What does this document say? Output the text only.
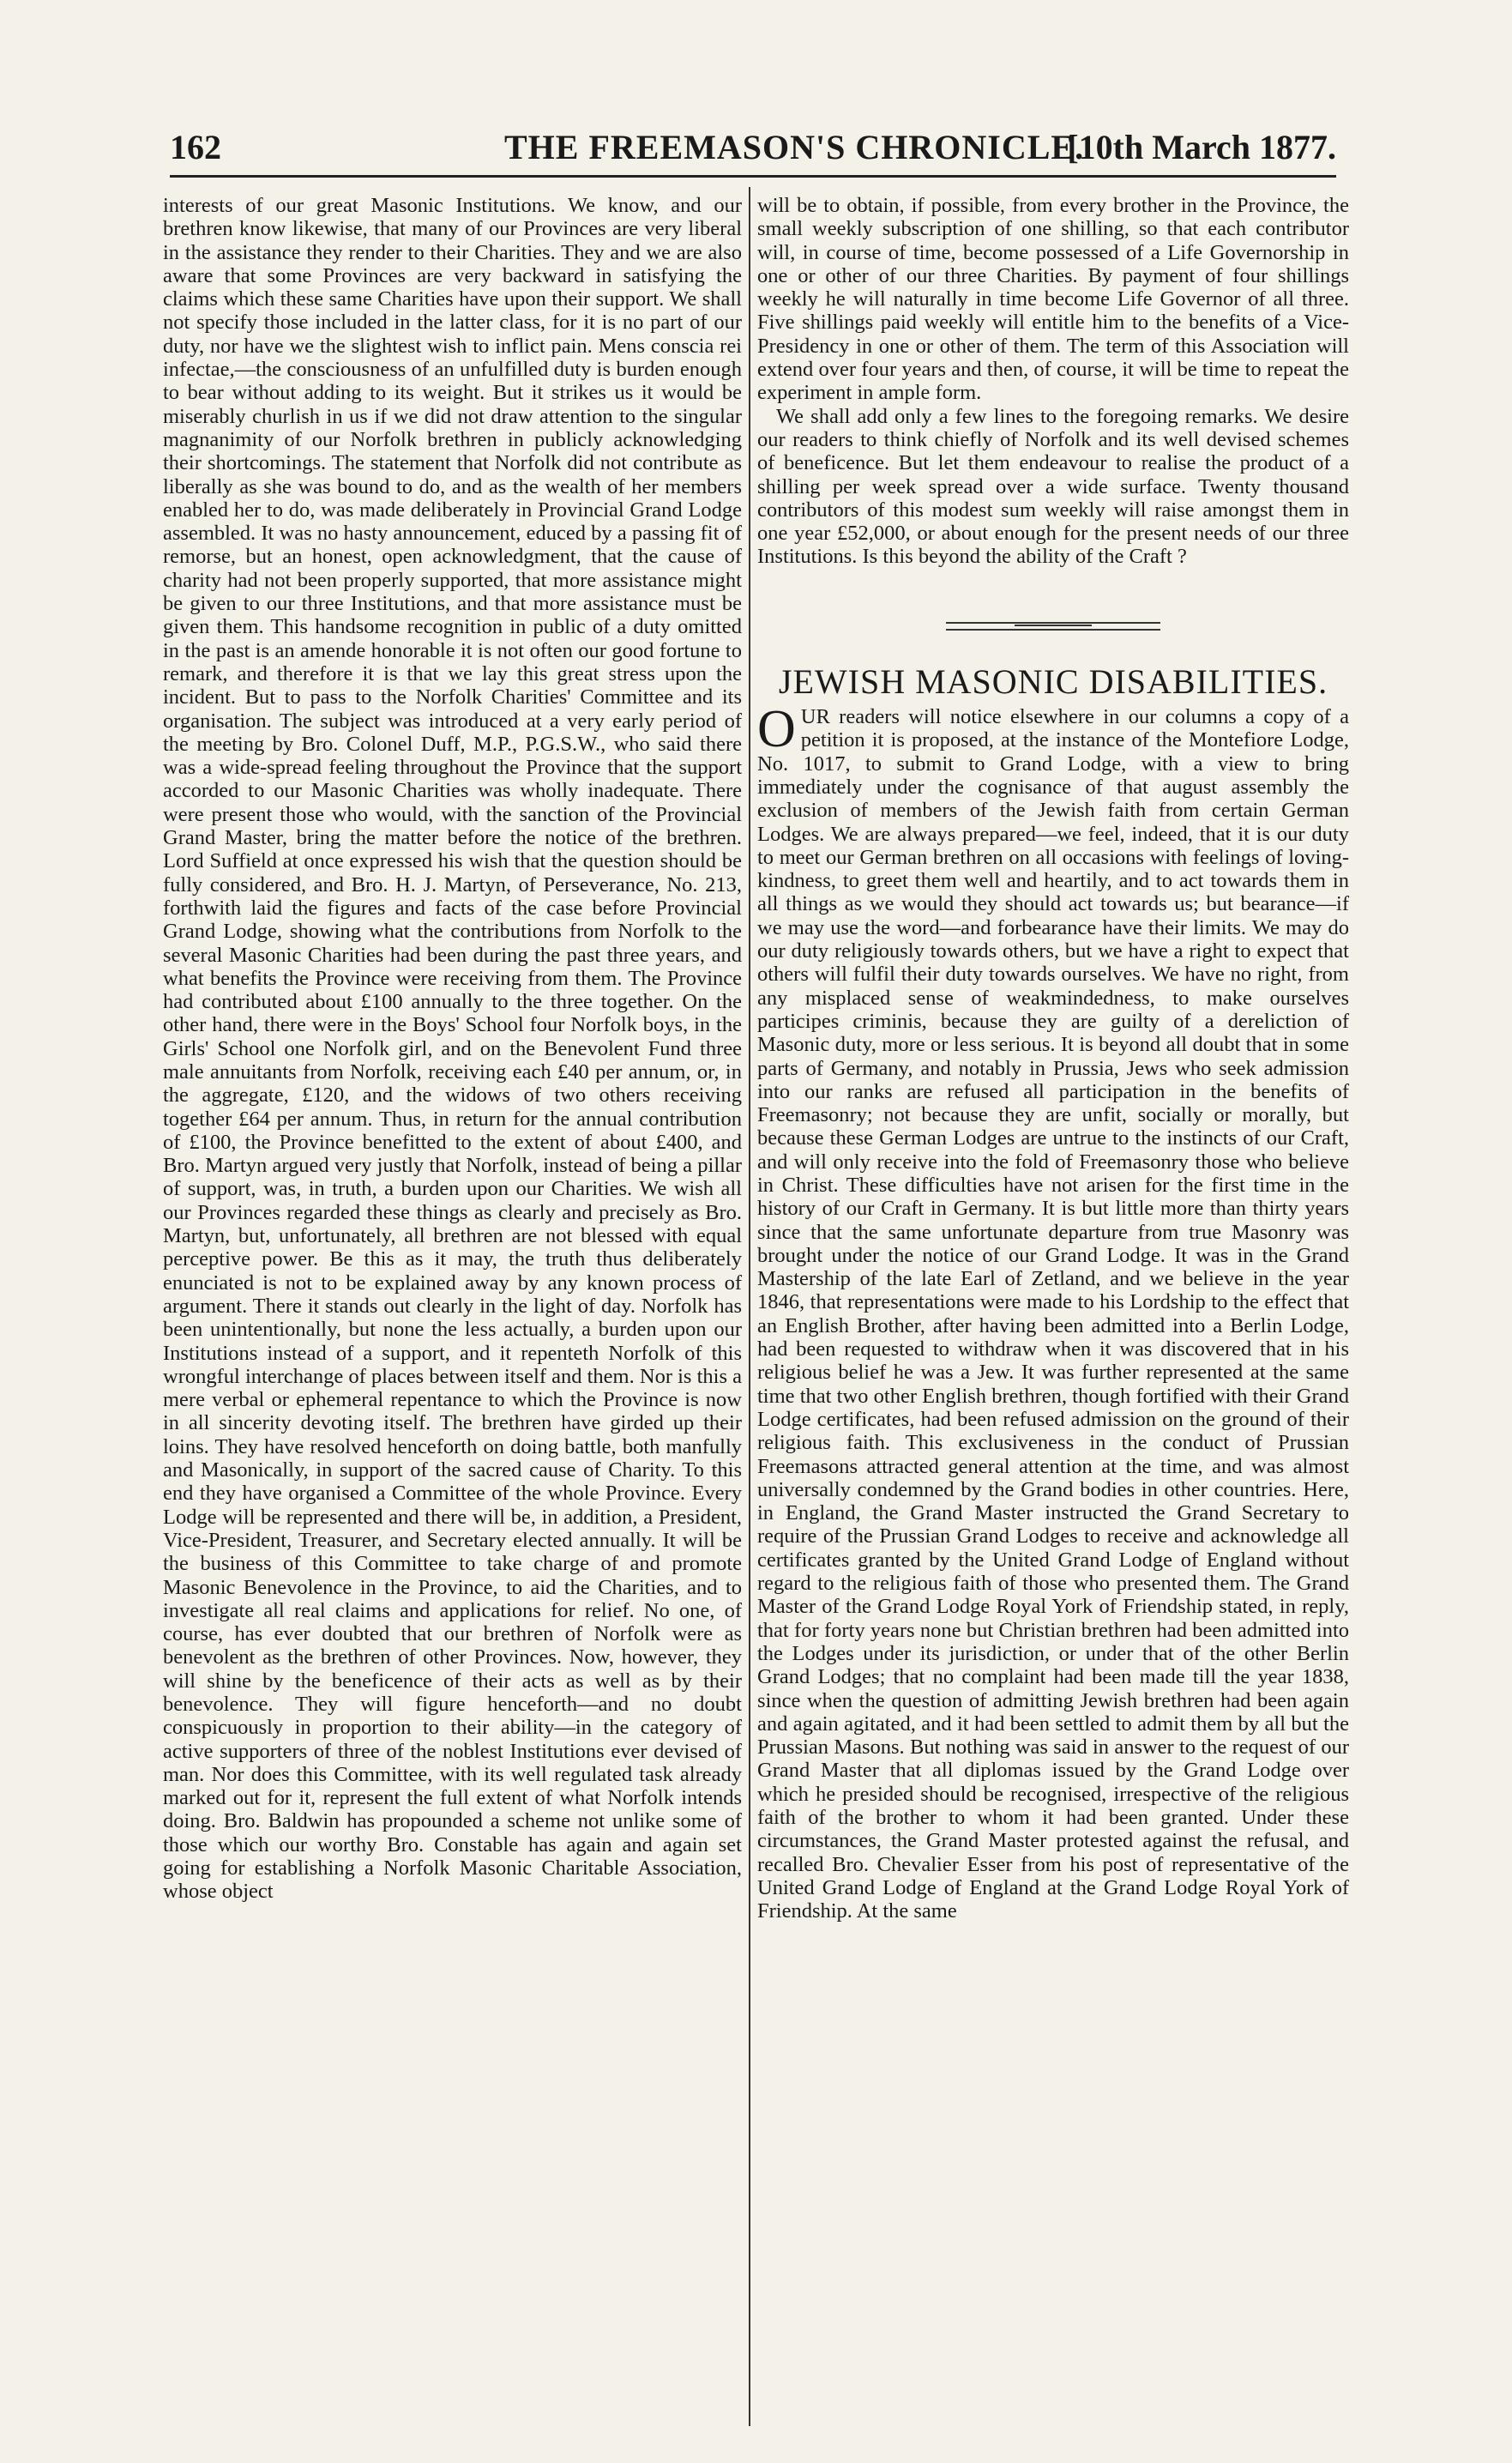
162	THE FREEMASON'S CHRONICLE.
[10th March 1877.

interests of our great Masonic Institutions. We know, and our brethren know likewise, that many of our Provinces are very liberal in the assistance they render to their Charities. They and we are also aware that some Provinces are very backward in satisfying the claims which these same Charities have upon their support. We shall not specify those included in the latter class, for it is no part of our duty, nor have we the slightest wish to inflict pain. Mens conscia rei infectae,—the consciousness of an unfulfilled duty is burden enough to bear without adding to its weight. But it strikes us it would be miserably churlish in us if we did not draw attention to the singular magnanimity of our Norfolk brethren in publicly acknowledging their shortcomings. The statement that Norfolk did not contribute as liberally as she was bound to do, and as the wealth of her members enabled her to do, was made deliberately in Provincial Grand Lodge assembled. It was no hasty announcement, educed by a passing fit of remorse, but an honest, open acknowledgment, that the cause of charity had not been properly supported, that more assistance might be given to our three Institutions, and that more assistance must be given them. This handsome recognition in public of a duty omitted in the past is an amende honorable it is not often our good fortune to remark, and therefore it is that we lay this great stress upon the incident. But to pass to the Norfolk Charities' Committee and its organisation. The subject was introduced at a very early period of the meeting by Bro. Colonel Duff, M.P., P.G.S.W., who said there was a wide-spread feeling throughout the Province that the support accorded to our Masonic Charities was wholly inadequate. There were present those who would, with the sanction of the Provincial Grand Master, bring the matter before the notice of the brethren. Lord Suffield at once expressed his wish that the question should be fully considered, and Bro. H. J. Martyn, of Perseverance, No. 213, forthwith laid the figures and facts of the case before Provincial Grand Lodge, showing what the contributions from Norfolk to the several Masonic Charities had been during the past three years, and what benefits the Province were receiving from them. The Province had contributed about £100 annually to the three together. On the other hand, there were in the Boys' School four Norfolk boys, in the Girls' School one Norfolk girl, and on the Benevolent Fund three male annuitants from Norfolk, receiving each £40 per annum, or, in the aggregate, £120, and the widows of two others receiving together £64 per annum. Thus, in return for the annual contribution of £100, the Province benefitted to the extent of about £400, and Bro. Martyn argued very justly that Norfolk, instead of being a pillar of support, was, in truth, a burden upon our Charities. We wish all our Provinces regarded these things as clearly and precisely as Bro. Martyn, but, unfortunately, all brethren are not blessed with equal perceptive power. Be this as it may, the truth thus deliberately enunciated is not to be explained away by any known process of argument. There it stands out clearly in the light of day. Norfolk has been unintentionally, but none the less actually, a burden upon our Institutions instead of a support, and it repenteth Norfolk of this wrongful interchange of places between itself and them. Nor is this a mere verbal or ephemeral repentance to which the Province is now in all sincerity devoting itself. The brethren have girded up their loins. They have resolved henceforth on doing battle, both manfully and Masonically, in support of the sacred cause of Charity. To this end they have organised a Committee of the whole Province. Every Lodge will be represented and there will be, in addition, a President, Vice-President, Treasurer, and Secretary elected annually. It will be the business of this Committee to take charge of and promote Masonic Benevolence in the Province, to aid the Charities, and to investigate all real claims and applications for relief. No one, of course, has ever doubted that our brethren of Norfolk were as benevolent as the brethren of other Provinces. Now, however, they will shine by the beneficence of their acts as well as by their benevolence. They will figure henceforth—and no doubt conspicuously in proportion to their ability—in the category of active supporters of three of the noblest Institutions ever devised of man. Nor does this Committee, with its well regulated task already marked out for it, represent the full extent of what Norfolk intends doing. Bro. Baldwin has propounded a scheme not unlike some of those which our worthy Bro. Constable has again and again set going for establishing a Norfolk Masonic Charitable Association, whose object

will be to obtain, if possible, from every brother in the Province, the small weekly subscription of one shilling, so that each contributor will, in course of time, become possessed of a Life Governorship in one or other of our three Charities. By payment of four shillings weekly he will naturally in time become Life Governor of all three. Five shillings paid weekly will entitle him to the benefits of a Vice-Presidency in one or other of them. The term of this Association will extend over four years and then, of course, it will be time to repeat the experiment in ample form.

We shall add only a few lines to the foregoing remarks. We desire our readers to think chiefly of Norfolk and its well devised schemes of beneficence. But let them endeavour to realise the product of a shilling per week spread over a wide surface. Twenty thousand contributors of this modest sum weekly will raise amongst them in one year £52,000, or about enough for the present needs of our three Institutions. Is this beyond the ability of the Craft ?

JEWISH MASONIC DISABILITIES.

OUR readers will notice elsewhere in our columns a copy of a petition it is proposed, at the instance of the Montefiore Lodge, No. 1017, to submit to Grand Lodge, with a view to bring immediately under the cognisance of that august assembly the exclusion of members of the Jewish faith from certain German Lodges. We are always prepared—we feel, indeed, that it is our duty to meet our German brethren on all occasions with feelings of loving-kindness, to greet them well and heartily, and to act towards them in all things as we would they should act towards us; but bearance—if we may use the word—and forbearance have their limits. We may do our duty religiously towards others, but we have a right to expect that others will fulfil their duty towards ourselves. We have no right, from any misplaced sense of weakmindedness, to make ourselves participes criminis, because they are guilty of a dereliction of Masonic duty, more or less serious. It is beyond all doubt that in some parts of Germany, and notably in Prussia, Jews who seek admission into our ranks are refused all participation in the benefits of Freemasonry; not because they are unfit, socially or morally, but because these German Lodges are untrue to the instincts of our Craft, and will only receive into the fold of Freemasonry those who believe in Christ. These difficulties have not arisen for the first time in the history of our Craft in Germany. It is but little more than thirty years since that the same unfortunate departure from true Masonry was brought under the notice of our Grand Lodge. It was in the Grand Mastership of the late Earl of Zetland, and we believe in the year 1846, that representations were made to his Lordship to the effect that an English Brother, after having been admitted into a Berlin Lodge, had been requested to withdraw when it was discovered that in his religious belief he was a Jew. It was further represented at the same time that two other English brethren, though fortified with their Grand Lodge certificates, had been refused admission on the ground of their religious faith. This exclusiveness in the conduct of Prussian Freemasons attracted general attention at the time, and was almost universally condemned by the Grand bodies in other countries. Here, in England, the Grand Master instructed the Grand Secretary to require of the Prussian Grand Lodges to receive and acknowledge all certificates granted by the United Grand Lodge of England without regard to the religious faith of those who presented them. The Grand Master of the Grand Lodge Royal York of Friendship stated, in reply, that for forty years none but Christian brethren had been admitted into the Lodges under its jurisdiction, or under that of the other Berlin Grand Lodges; that no complaint had been made till the year 1838, since when the question of admitting Jewish brethren had been again and again agitated, and it had been settled to admit them by all but the Prussian Masons. But nothing was said in answer to the request of our Grand Master that all diplomas issued by the Grand Lodge over which he presided should be recognised, irrespective of the religious faith of the brother to whom it had been granted. Under these circumstances, the Grand Master protested against the refusal, and recalled Bro. Chevalier Esser from his post of representative of the United Grand Lodge of England at the Grand Lodge Royal York of Friendship. At the same
